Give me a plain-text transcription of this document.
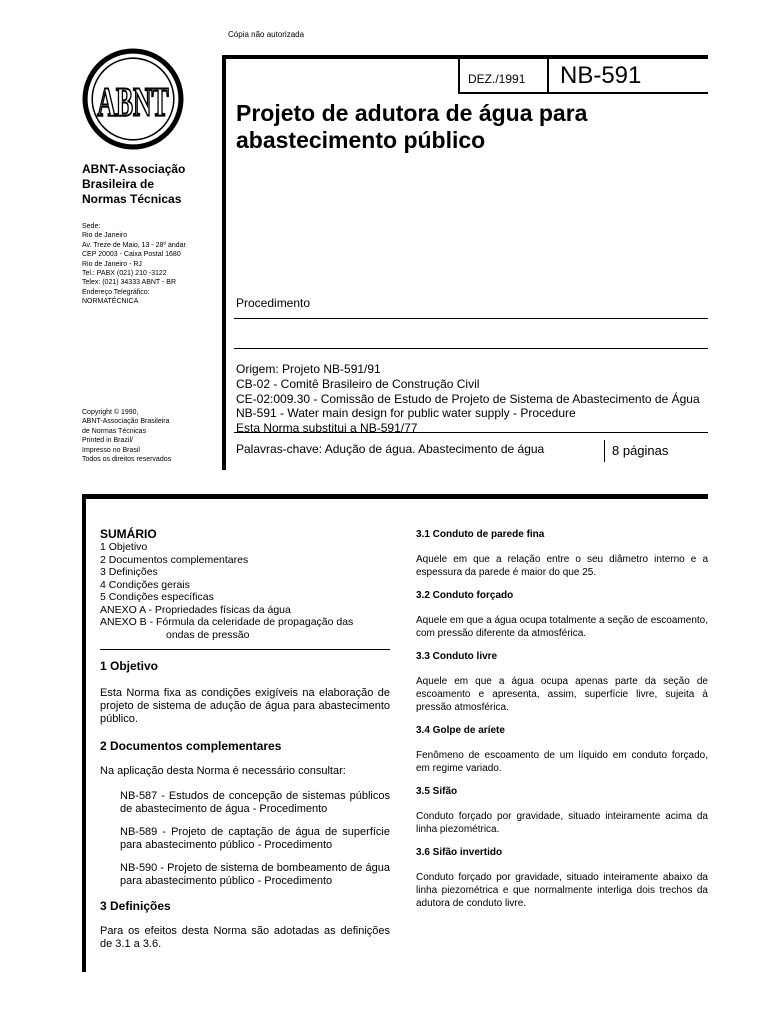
Cópia não autorizada
ABNT
ABNT-Associação
Brasileira de
Normas Técnicas
Sede:
Rio de Janeiro
Av. Treze de Maio, 13 - 28º andar
CEP 20003 - Caixa Postal 1680
Rio de Janeiro - RJ
Tel.: PABX (021) 210 -3122
Telex: (021) 34333 ABNT - BR
Endereço Telegráfico:
NORMATÉCNICA
Copyright © 1990,
ABNT-Associação Brasileira
de Normas Técnicas
Printed in Brazil/
Impresso no Brasil
Todos os direitos reservados
DEZ./1991 NB-591
Projeto de adutora de água para
abastecimento público
Procedimento
Origem: Projeto NB-591/91
CB-02 - Comitê Brasileiro de Construção Civil
CE-02:009.30 - Comissão de Estudo de Projeto de Sistema de Abastecimento de Água
NB-591 - Water main design for public water supply - Procedure
Esta Norma substitui a NB-591/77
Palavras-chave: Adução de água. Abastecimento de água	8 páginas
SUMÁRIO
1 Objetivo
2 Documentos complementares
3 Definições
4 Condições gerais
5 Condições específicas
ANEXO A - Propriedades físicas da água
ANEXO B - Fórmula da celeridade de propagação das
ondas de pressão
1 Objetivo

Esta Norma fixa as condições exigíveis na elaboração de projeto de sistema de adução de água para abastecimento público.

2 Documentos complementares

Na aplicação desta Norma é necessário consultar:

NB-587 - Estudos de concepção de sistemas públicos de abastecimento de água - Procedimento

NB-589 - Projeto de captação de água de superfície para abastecimento público - Procedimento

NB-590 - Projeto de sistema de bombeamento de água para abastecimento público - Procedimento

3 Definições

Para os efeitos desta Norma são adotadas as definições de 3.1 a 3.6.

3.1 Conduto de parede fina

Aquele em que a relação entre o seu diâmetro interno e a espessura da parede é maior do que 25.

3.2 Conduto forçado

Aquele em que a água ocupa totalmente a seção de escoamento, com pressão diferente da atmosférica.

3.3 Conduto livre

Aquele em que a água ocupa apenas parte da seção de escoamento e apresenta, assim, superfície livre, sujeita à pressão atmosférica.

3.4 Golpe de aríete

Fenômeno de escoamento de um líquido em conduto forçado, em regime variado.

3.5 Sifão

Conduto forçado por gravidade, situado inteiramente acima da linha piezométrica.

3.6 Sifão invertido

Conduto forçado por gravidade, situado inteiramente abaixo da linha piezométrica e que normalmente interliga dois trechos da adutora de conduto livre.
